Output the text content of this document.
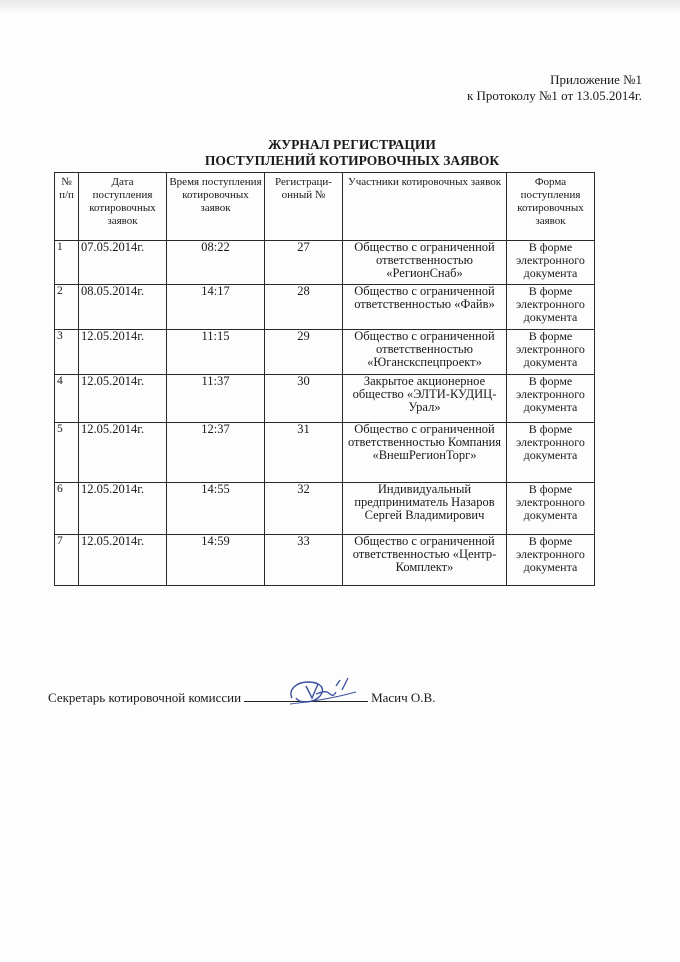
Приложение №1
к Протоколу №1 от 13.05.2014г.
ЖУРНАЛ РЕГИСТРАЦИИ
ПОСТУПЛЕНИЙ КОТИРОВОЧНЫХ ЗАЯВОК
№ п/п	Дата поступления котировочных заявок	Время поступления котировочных заявок	Регистраци-онный №	Участники котировочных заявок	Форма поступления котировочных заявок
1	07.05.2014г.	08:22	27	Общество с ограниченной ответственностью «РегионСнаб»	В форме электронного документа
2	08.05.2014г.	14:17	28	Общество с ограниченной ответственностью «Файв»	В форме электронного документа
3	12.05.2014г.	11:15	29	Общество с ограниченной ответственностью «Юганскспецпроект»	В форме электронного документа
4	12.05.2014г.	11:37	30	Закрытое акционерное общество «ЭЛТИ-КУДИЦ-Урал»	В форме электронного документа
5	12.05.2014г.	12:37	31	Общество с ограниченной ответственностью Компания «ВнешРегионТорг»	В форме электронного документа
6	12.05.2014г.	14:55	32	Индивидуальный предприниматель Назаров Сергей Владимирович	В форме электронного документа
7	12.05.2014г.	14:59	33	Общество с ограниченной ответственностью «Центр-Комплект»	В форме электронного документа
Секретарь котировочной комиссии	Масич О.В.
